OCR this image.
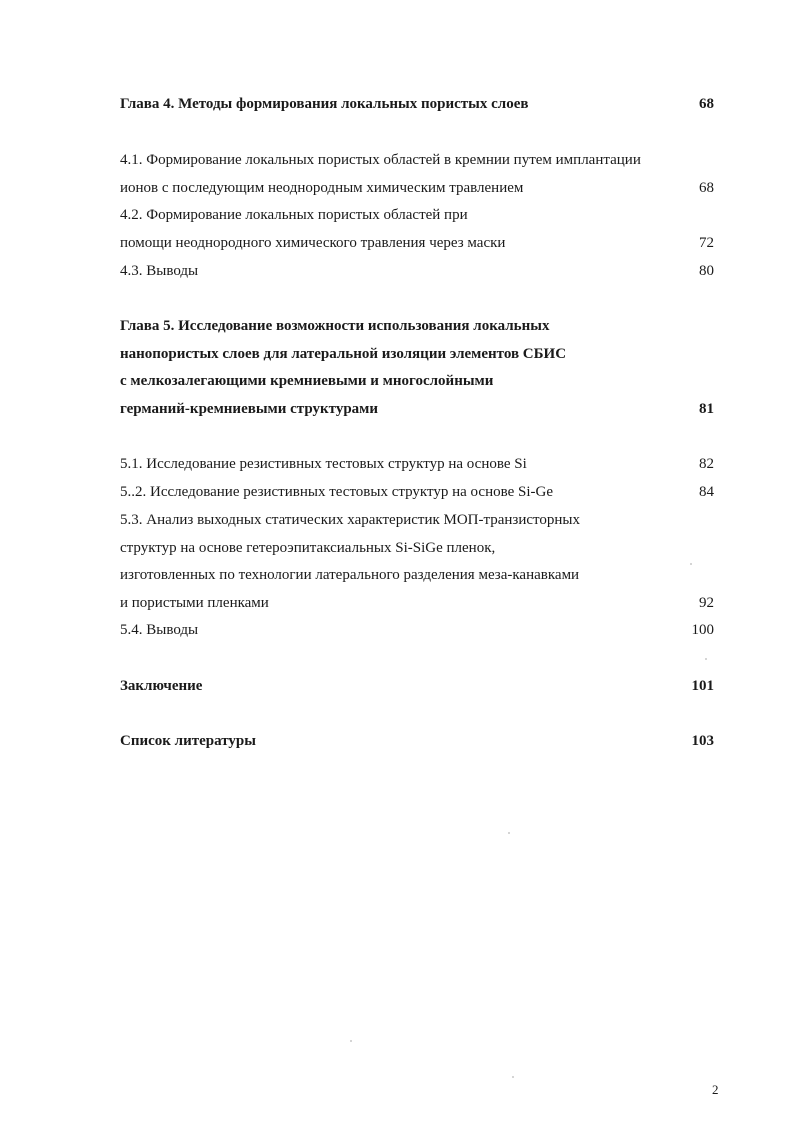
Глава 4. Методы формирования локальных пористых слоев	68
4.1. Формирование локальных пористых областей в кремнии путем имплантации
ионов с последующим неоднородным химическим травлением	68
4.2. Формирование локальных пористых областей при
помощи неоднородного химического травления через маски	72
4.3. Выводы	80
Глава 5. Исследование возможности использования локальных
нанопористых слоев для латеральной изоляции элементов СБИС
с мелкозалегающими кремниевыми и многослойными
германий-кремниевыми структурами	81
5.1. Исследование резистивных тестовых структур на основе Si	82
5..2. Исследование резистивных тестовых структур на основе Si-Ge	84
5.3. Анализ выходных статических характеристик МОП-транзисторных
структур на основе гетероэпитаксиальных Si-SiGe пленок,
изготовленных по технологии латерального разделения меза-канавками
и пористыми пленками	92
5.4. Выводы	100
Заключение	101
Список литературы	103
2
